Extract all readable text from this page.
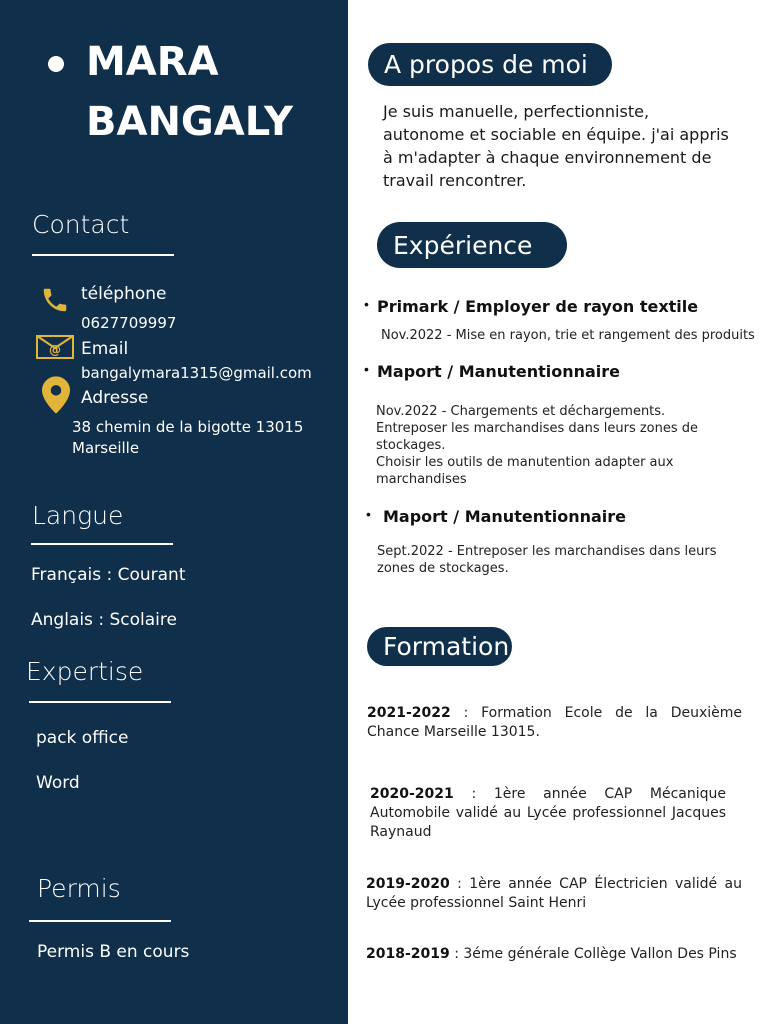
MARA
BANGALY
Contact
téléphone
0627709997
@ Email
bangalymara1315@gmail.com
Adresse
38 chemin de la bigotte 13015
Marseille
Langue
Français : Courant
Anglais : Scolaire
Expertise
pack office
Word
Permis
Permis B en cours
A propos de moi
Je suis manuelle, perfectionniste,
autonome et sociable en équipe. j'ai appris
à m'adapter à chaque environnement de
travail rencontrer.
Expérience
• Primark / Employer de rayon textile
Nov.2022 - Mise en rayon, trie et rangement des produits
• Maport / Manutentionnaire
Nov.2022 - Chargements et déchargements.
Entreposer les marchandises dans leurs zones de
stockages.
Choisir les outils de manutention adapter aux marchandises
• Maport / Manutentionnaire
Sept.2022 - Entreposer les marchandises dans leurs
zones de stockages.
Formation
2021-2022 : Formation Ecole de la Deuxième Chance Marseille 13015.
2020-2021 : 1ère année CAP Mécanique Automobile validé au Lycée professionnel Jacques Raynaud
2019-2020 : 1ère année CAP Électricien validé au Lycée professionnel Saint Henri
2018-2019 : 3éme générale Collège Vallon Des Pins
